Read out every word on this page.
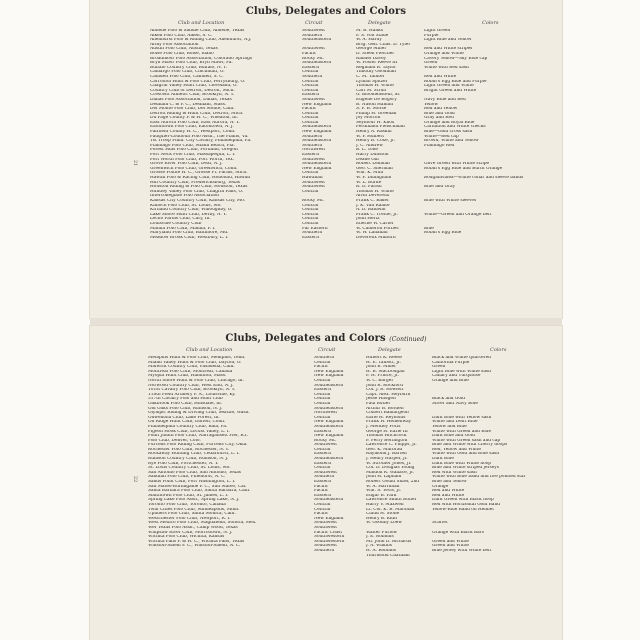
Clubs, Delegates and Colors
Club and Location	Circuit	Delegate	Colors
Abilene Polo & Saddle Club, Abilene, Texas	Southwest	M. B. Hanks	Light Green
Aiken Polo Club, Aiken, S. C.	Southern	F. S. von Stade	Purple
Allenhurst Polo & Riding Club, Allenhurst, N.J.	Southeastern	W. A. Hardy	Light Blue and Yellow
Army Polo Association	Brig. Gen. Chas. D. Tyler
Austin Polo Club, Austin, Texas	Southwest	George Miller	Red and White stripes
Boise Polo Club, Boise, Idaho	Pacific	D. Steen Fletcher	Orange and White
Broadmoor Polo Association, Colorado Springs	Rocky Mt.	Randel Davey	Cavery Yellow—Sky Blue cap
Bryn Mawr Polo Club, Bryn Mawr, Pa.	Southeastern	W. Foster Reeve III	Green
Buffalo Country Club, Buffalo, N. Y.	Eastern	Reginald B. Taylor	White with Red sash
Camargo Polo Club, Cincinnati, O.	Central	Timothy Goodman
Camden Polo Club, Camden, S. C.	Southern	C. M. Tainter	Red and White
Carrolton Hunt & Polo Club, Perrysburg, O.	Central	Lyman Spitzer	Robin's Egg Blue and Purple
Chagrin Valley Hunt Club, Cleveland, O.	Central	Thomas H. White	Light Green and White
Country Club of Detroit, Detroit, Mich.	Central	Carl M. Struh	Bright Green and White
Crescent Athletic Club, Brooklyn, N. Y.	Eastern	G. Bloomenstein, Sr.
Dallas Polo Association, Dallas, Texas	Southwest	Eugene De Bogory	Navy Blue and Red
Dedham C. & P. C., Dedham, Mass.	New England	B. Nason Hamlin	Yellow
Del Monte Polo Club, Del Monte, Calif.	Pacific	S. F. B. Morse	Red and Yellow
Detroit Riding & Hunt Club, Detroit, Mich.	Central	Phillip H. Greenan	Blue and Gold
Du Page County P. & H. C., Wheaton, Ill.	Central	Joy Morton	Gray and Red
East Aurora Polo Club, East Aurora, N. Y.	Central	Seymour H. Knox	Orange and Royal Blue
Eatontown Polo Club, Eatontown, N. J.	Southeastern	Ferdinand Fleischman	Carnation and White checks
Fairfield County H. C., Westport, Conn.	New England	Henry A. Raskin	Blue—Gold cross sash
Fauquier-Loudoun Polo Assn., The Plains, Va.	Southern	W. P. Hulbert	White—Red cap
1st Troop Phila. City Cavalry, Philadelphia, Pa.	Southeastern	Henry B. Coxe, Jr.	Brown, White and Yellow
Flamingo Polo Club, Miami Beach, Fla.	Southern	J. C. Andrew	Flamingo Red
Forest Hills Polo Club, Portland, Oregon	Northwest	B. L. Tone
Fort Neck Polo Club, Massapequa, L. I.	Eastern	Harry Dunston
Fort Worth Polo Club, Fort Worth, Tex.	Southwest	Deane Gill
Grove River Polo Club, Deal, N. J.	Southeastern	Robert Lehman	Olive Green with White stripe
Greenwich Polo Club, Greenwich, Conn.	New England	Geo. C. Sherman	Robin's Egg Blue and Burnt Orange
Grosse Pointe H. C., Grosse Pt. Farms, Mich.	Central	Wm. K. Muir
Hawaii Polo & Racing Club, Honolulu, Hawaii	Hawaiian	W. F. Dillingham	Bougainvillea—White collar and sleeve bands
Hill Country Club, Fredericksburg, Texas	Southwest	W. L. Burke
Houston Riding & Polo Club, Houston, Texas	Southwest	R. D. Parish	Blue and Gray
Huntley Valley Polo Club, Chagrin Falls, O.	Central	Thomas H. White
Intercollegiate Polo Association	Alvin Devereux
Kansas City Country Club, Kansas City, Mo.	Rocky Mt.	Frank C. Baker	Blue with White sleeves
Kinloch Polo Club, St. Louis, Mo.	Central	J. K. Van Raalte
Kirtland Country Club, Willoughby, O.	Central	A. D. Baldwin
Lake Shore Hunt Club, Derby, N. Y.	Central	Frank C. Trefue, Jr.	White—Green and Orange belt
Lecho Farms Club, Cary, Ill.	Central	John Hertz
Louisville Country Club	Central	Ellerbe W. Carter
Manila Polo Club, Manila, P. I.	Far Eastern	W. Cameron Forbes	Blue
Maryland Polo Club, Baltimore, Md.	Southern	W. W. Lanahan	Robin's Egg Blue
Meadow Brook Club, Westbury, L. I.	Eastern	Devereux Milburn
21
Clubs, Delegates and Colors (Continued)
Club and Location	Circuit	Delegate	Colors
Memphis Hunt & Polo Club, Memphis, Tenn.	Southern	Hubert K. Reese	Black and White quartered
Miami Valley Hunt & Polo Club, Dayton, O.	Central	H. E. Talbott, Jr.	California Purple
Midwick Country Club, Pasadena, Calif.	Pacific	John B. Miller	Green
Montreal Polo Club, Montreal, Canada	New England	H. B. MacDougall	Light Blue with White sash
Myopia Hunt Club, Hamilton, Mass.	New England	F. H. Prince, Jr.	Canary and Turquoise
North Shore Hunt & Polo Club, Chicago, Ill.	Central	W. C. Barger	Orange and Blue
Norwood Country Club, West End, N. J.	Southeastern	John R. Rockford
101st Cavalry Polo Club, Brooklyn, N. Y.	Eastern	Col. J. R. Howlett
118th Field Artillery P. A., Louisville, Ky.	Central	Capt. Alex. Heyburn
317th Cavalry Polo and Hunt Club	Central	Jesse Haugen	Black and Gold
Oakbrook Polo Club, Hinsdale, Ill.	Central	Paul Butler	Silver and Navy Blue
Old Oaks Polo Club, Rumson, N. J.	Southeastern	Arthur B. Borden
Olympic Riding & Driving Club, Seattle, Wash.	Northwest	Colbert Baillargeon
Onwentsia Club, Lake Forest, Ill.	Central	Earle H. Reynolds	Dark Blue with Yellow sash
On Ridge Hunt Club, Darien, Conn.	New England	Frank H. Hemenway	White and Delft Blue
Philadelphia Country Club, Bala, Pa.	Southeastern	J. Merkley Potts	Yellow and Blue
Pigeon Hook Club, Locust Valley, L. I.	Eastern	George H. Earle III	White with Green and Blue
Point Judith Polo Club, Narragansett Pier, R.I.	New England	Thomas Hitchcock	Dark Blue and Gold
Polo Club, Denver, Colo.	Rocky Mt.	F. Perry Berlington	White with Green sash and cap
Purcells Polo Riding Club, Purcells City, Okla.	Southwest	Lawrence C. Phipps, Jr.	Blue and White with Cherry hoops
Rochester Polo Club, Rochester, N. Y.	Central	Geo. K. Marbrad	Red, Yellow and White
Rockaway Hunting Club, Cedarhurst, L. I.	Eastern	Raymond J. Bartell	White with Gold and Blue sash
Rumson Country Club, Rumson, N. J.	Southeastern	J. Henry Harper, Jr.	Dark Blue
Rye Polo Club, Portchester, N. Y.	Eastern	W. Strother Jones, Jr.	Dark Blue with White hoop
St. Louis Country Club, St. Louis, Mo.	Central	Col. D. Douglas Young	Blue and White striped jerseys
San Antonio Polo Club, San Antonio, Texas	Southwest	Maldon R. Wallace, Jr.	Red with White sash
Sandhill Polo Club, Pinehurst, N. C.	Southern	John H. Lapham	White with Blue band and five pointed star
Sands Point Club, Port Washington, L. I.	Eastern	Robert Gould Shaw, 2nd	Blue and Yellow
San Mateo-Burlingame P. C., San Mateo, Cal.	Pacific	W. A. Harriman	Orange
Santa Barbara Polo Club, Santa Barbara, Calif.	Pacific	Wm. S. Tevis, Jr.	Red and White
Smithtown Polo Club, St. James, L. I.	Eastern	Edgar B. Park	Red and White
Spring Lake Polo Assn., Spring Lake, N. J.	Southeastern	Lawrence Smith Butler	Dark Green with Black hoop
Toronto Polo Club, Toronto, Canada	Central	Harry V. Maxwell	Red with Horizontal Gold Band
Twin Cities Polo Club, Minneapolis, Minn.	Central	Lt. Col. K. B. Marshall	Yellow-Blue Band on Helmet
Upllders Polo Club, Santa Monica, Calif.	Pacific	Claud H. Stone
Westchester Polo Club, Newport, R. I.	New England	Henry B. Kidd
West Mexico Polo Club, Magdalena, Sonora, Mex.	Southwest	W. Goodby Loew	Scarlet
Wer Texas Polo Assn., Camp Wood, Texas	Southwest
Whipsaw River Club, Morristown, N. J.	Pacific Coast	Walter Furlow	Orange with Black Bars
Wichita Polo Club, Wichita, Kansas	Southwestern	J. E. Robbins
Wichita Falls P. & H. C., Wichita Falls, Texas	Southwestern	Mr. John D. Richards	Green and White
Winston-Salem P. C., Winston-Salem, N. C.	Southwest	J. A. Wilkins	Green and White
Southern	H. A. Robbins	Blue jersey with White belt
Thurmond Chatham
22
